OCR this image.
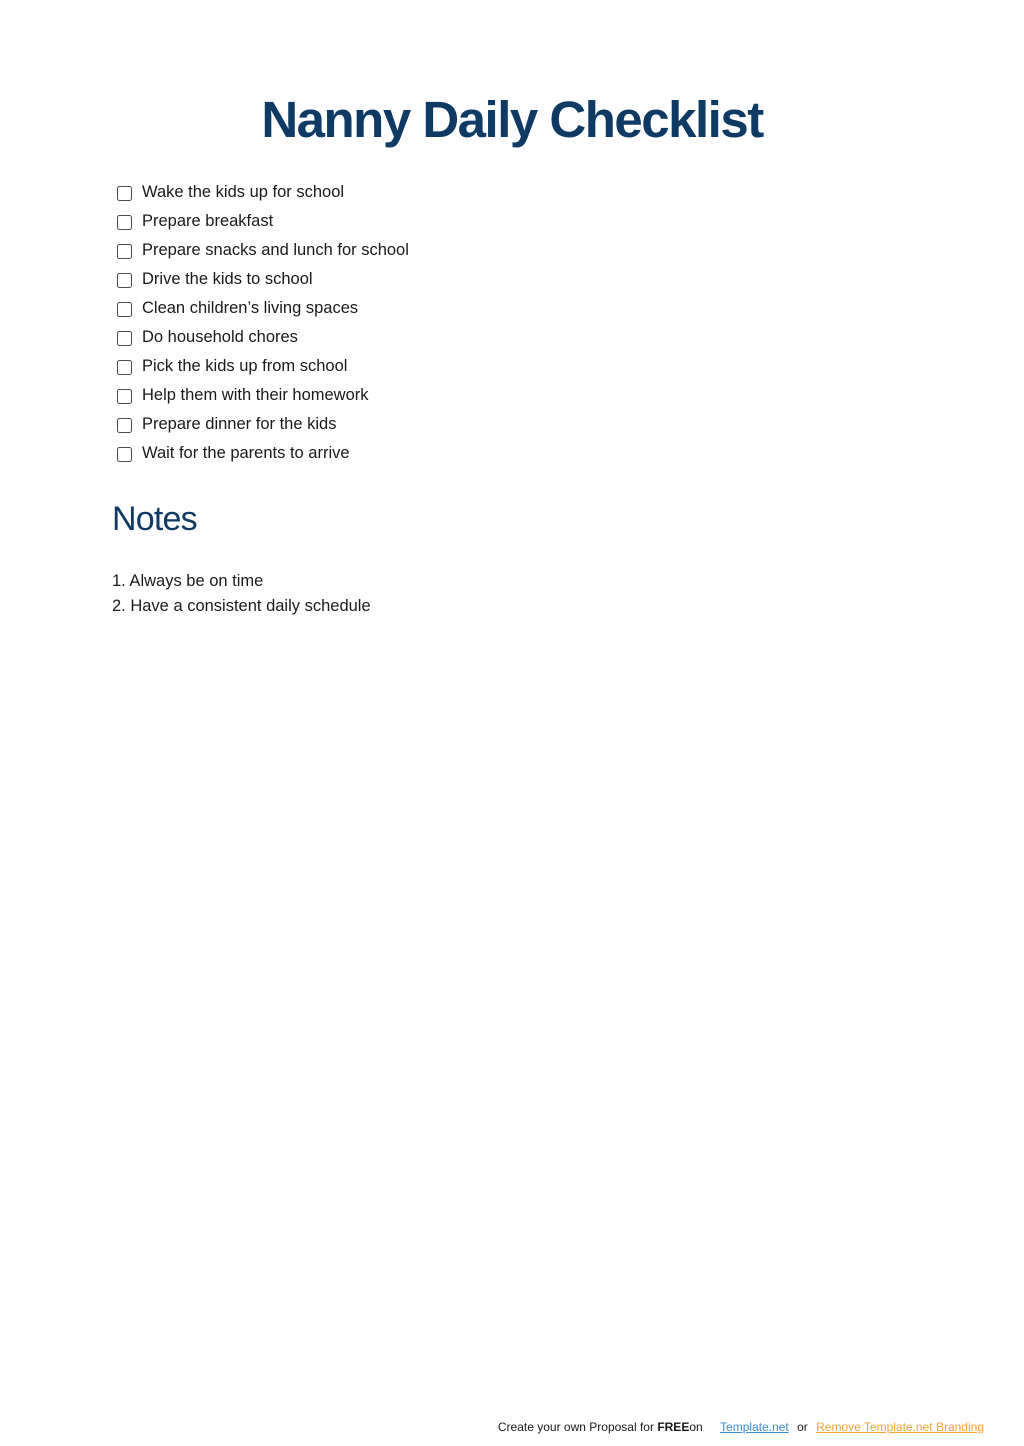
Nanny Daily Checklist
Wake the kids up for school
Prepare breakfast
Prepare snacks and lunch for school
Drive the kids to school
Clean children’s living spaces
Do household chores
Pick the kids up from school
Help them with their homework
Prepare dinner for the kids
Wait for the parents to arrive
Notes
1. Always be on time
2. Have a consistent daily schedule
Create your own Proposal for FREEon Template.net or Remove Template.net Branding
